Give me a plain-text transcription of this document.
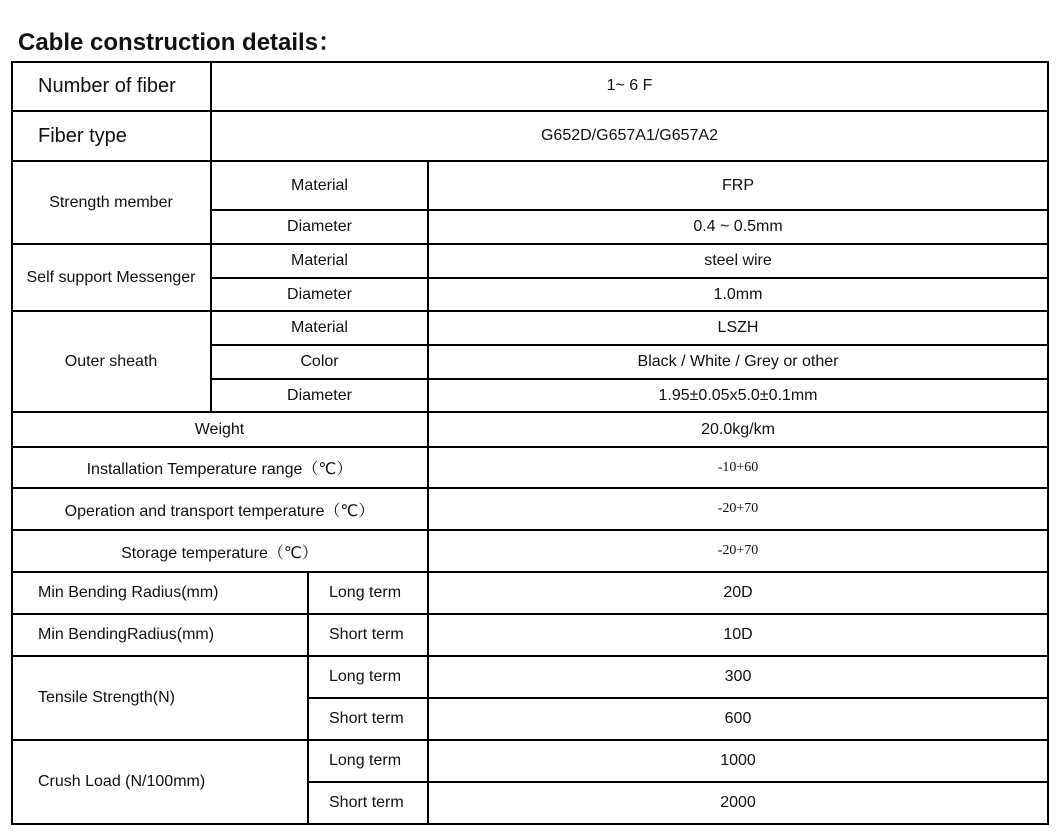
Cable construction details：
Number of fiber	1~ 6 F
Fiber type	G652D/G657A1/G657A2
Strength member
Material	FRP
Diameter	0.4 ~ 0.5mm
Self support Messenger
Material	steel wire
Diameter	1.0mm
Outer sheath
Material	LSZH
Color	Black / White / Grey or other
Diameter	1.95±0.05x5.0±0.1mm
Weight	20.0kg/km
Installation Temperature range（℃）	-10+60
Operation and transport temperature（℃）	-20+70
Storage temperature（℃）	-20+70
Min Bending Radius(mm)	Long term	20D
Min BendingRadius(mm)	Short term	10D
Tensile Strength(N)
Long term	300
Short term	600
Crush Load (N/100mm)
Long term	1000
Short term	2000
